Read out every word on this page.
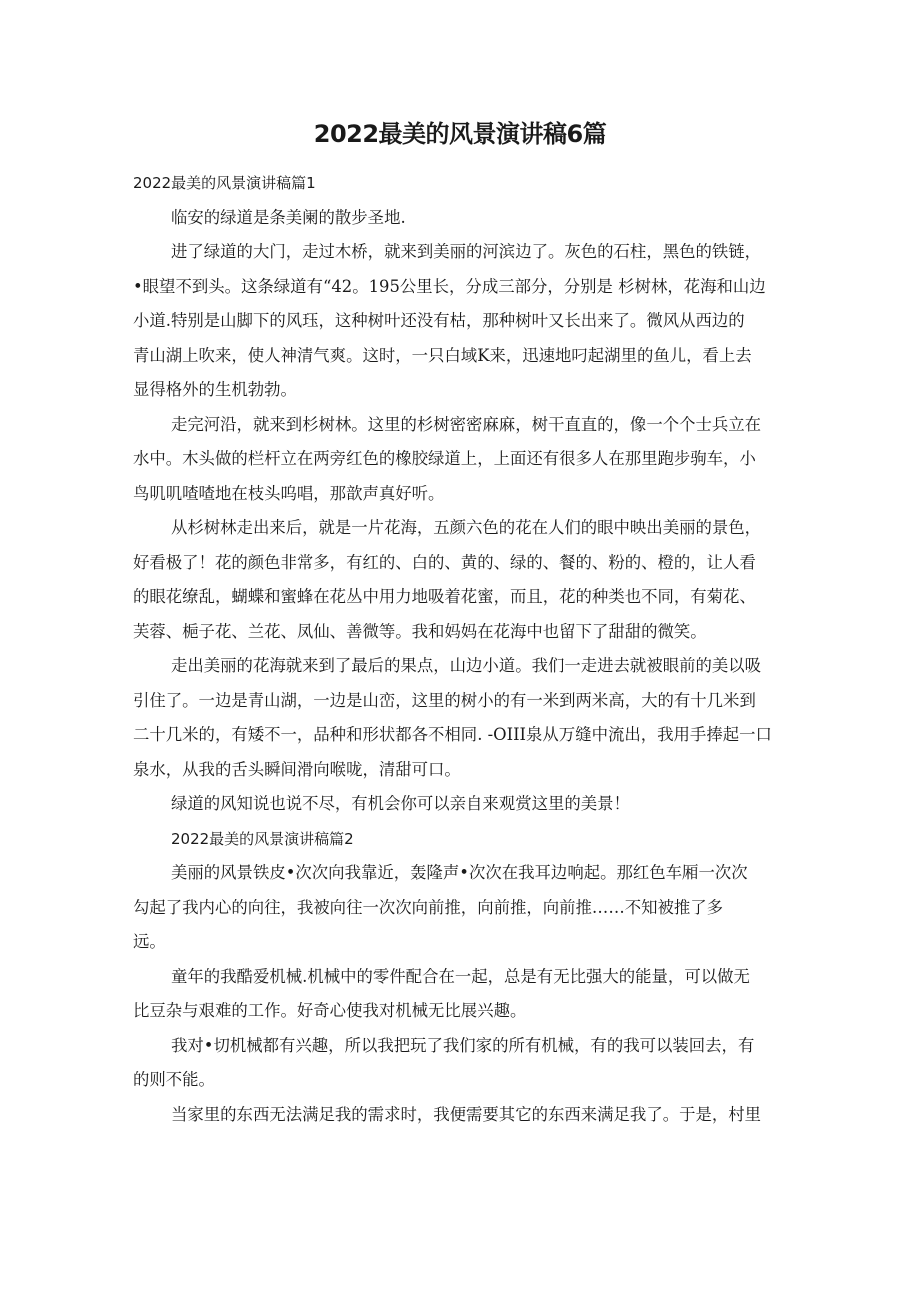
2022最美的风景演讲稿6篇
2022最美的风景演讲稿篇1
临安的绿道是条美阑的散步圣地.
进了绿道的大门，走过木桥，就来到美丽的河滨边了。灰色的石柱，黑色的铁链，
•眼望不到头。这条绿道有“42。195公里长，分成三部分，分别是 杉树林，花海和山边
小道.特别是山脚下的风珏，这种树叶还没有枯，那种树叶又长出来了。微风从西边的
青山湖上吹来，使人神清气爽。这时，一只白域K来，迅速地叼起湖里的鱼儿，看上去
显得格外的生机勃勃。
走完河沿，就来到杉树林。这里的杉树密密麻麻，树干直直的，像一个个士兵立在
水中。木头做的栏杆立在两旁红色的橡胶绿道上，上面还有很多人在那里跑步驹车，小
鸟叽叽喳喳地在枝头呜唱，那歆声真好听。
从杉树林走出来后，就是一片花海，五颜六色的花在人们的眼中映出美丽的景色，
好看极了！花的颜色非常多，有红的、白的、黄的、绿的、餐的、粉的、橙的，让人看
的眼花缭乱，蝴蝶和蜜蜂在花丛中用力地吸着花蜜，而且，花的种类也不同，有菊花、
芙蓉、梔子花、兰花、凤仙、善微等。我和妈妈在花海中也留下了甜甜的微笑。
走出美丽的花海就来到了最后的果点，山边小道。我们一走进去就被眼前的美以吸
引住了。一边是青山湖，一边是山峦，这里的树小的有一米到两米高，大的有十几米到
二十几米的，有矮不一，品种和形状都各不相同. -OIII泉从万缝中流出，我用手捧起一口
泉水，从我的舌头瞬间滑向喉咙，清甜可口。
绿道的风知说也说不尽，有机会你可以亲自来观赏这里的美景！
2022最美的风景演讲稿篇2
美丽的风景铁皮•次次向我靠近，轰隆声•次次在我耳边响起。那红色车厢一次次
勾起了我内心的向往，我被向往一次次向前推，向前推，向前推……不知被推了多
远。
童年的我酷爱机械.机械中的零件配合在一起，总是有无比强大的能量，可以做无
比豆杂与艰难的工作。好奇心使我对机械无比展兴趣。
我对•切机械都有兴趣，所以我把玩了我们家的所有机械，有的我可以装回去，有
的则不能。
当家里的东西无法满足我的需求时，我便需要其它的东西来满足我了。于是，村里
